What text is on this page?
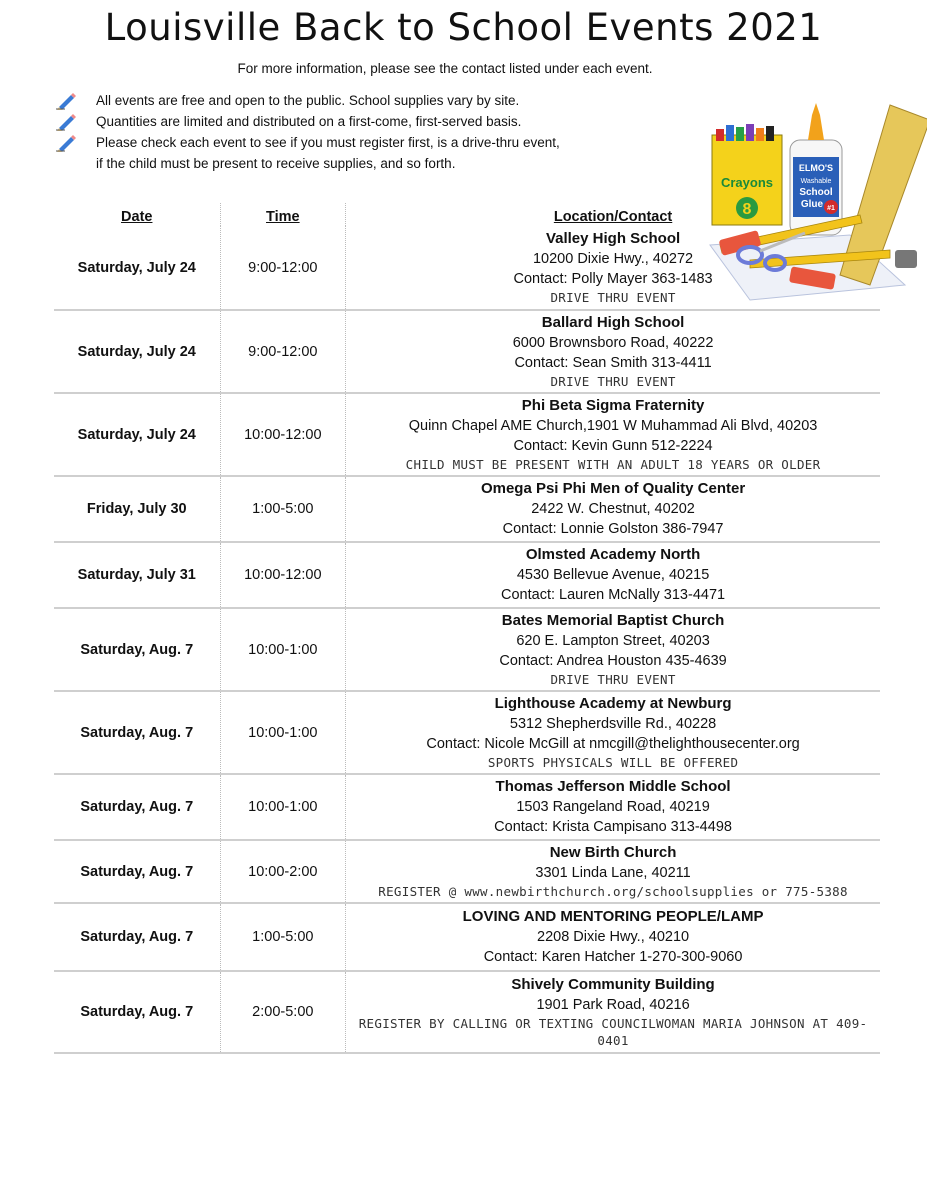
Louisville Back to School Events 2021
For more information, please see the contact listed under each event.
All events are free and open to the public. School supplies vary by site.
Quantities are limited and distributed on a first-come, first-served basis.
Please check each event to see if you must register first, is a drive-thru event,
if the child must be present to receive supplies, and so forth.
Crayons
8
ELMO'S
Washable
School
Glue #1
Date	Time	Location/Contact
Saturday, July 24	9:00-12:00	Valley High School
10200 Dixie Hwy., 40272
Contact: Polly Mayer 363-1483
DRIVE THRU EVENT

Saturday, July 24	9:00-12:00	Ballard High School
6000 Brownsboro Road, 40222
Contact: Sean Smith 313-4411
DRIVE THRU EVENT

Saturday, July 24	10:00-12:00	Phi Beta Sigma Fraternity
Quinn Chapel AME Church,1901 W Muhammad Ali Blvd, 40203
Contact: Kevin Gunn 512-2224
CHILD MUST BE PRESENT WITH AN ADULT 18 YEARS OR OLDER

Friday, July 30	1:00-5:00	Omega Psi Phi Men of Quality Center
2422 W. Chestnut, 40202
Contact: Lonnie Golston 386-7947

Saturday, July 31	10:00-12:00	Olmsted Academy North
4530 Bellevue Avenue, 40215
Contact: Lauren McNally 313-4471

Saturday, Aug. 7	10:00-1:00	Bates Memorial Baptist Church
620 E. Lampton Street, 40203
Contact: Andrea Houston 435-4639
DRIVE THRU EVENT

Saturday, Aug. 7	10:00-1:00	Lighthouse Academy at Newburg
5312 Shepherdsville Rd., 40228
Contact: Nicole McGill at nmcgill@thelighthousecenter.org
SPORTS PHYSICALS WILL BE OFFERED

Saturday, Aug. 7	10:00-1:00	Thomas Jefferson Middle School
1503 Rangeland Road, 40219
Contact: Krista Campisano 313-4498

Saturday, Aug. 7	10:00-2:00	New Birth Church
3301 Linda Lane, 40211
REGISTER @ www.newbirthchurch.org/schoolsupplies or 775-5388

Saturday, Aug. 7	1:00-5:00	LOVING AND MENTORING PEOPLE/LAMP
2208 Dixie Hwy., 40210
Contact: Karen Hatcher 1-270-300-9060

Saturday, Aug. 7	2:00-5:00	Shively Community Building
1901 Park Road, 40216
REGISTER BY CALLING OR TEXTING COUNCILWOMAN MARIA JOHNSON AT 409-0401
